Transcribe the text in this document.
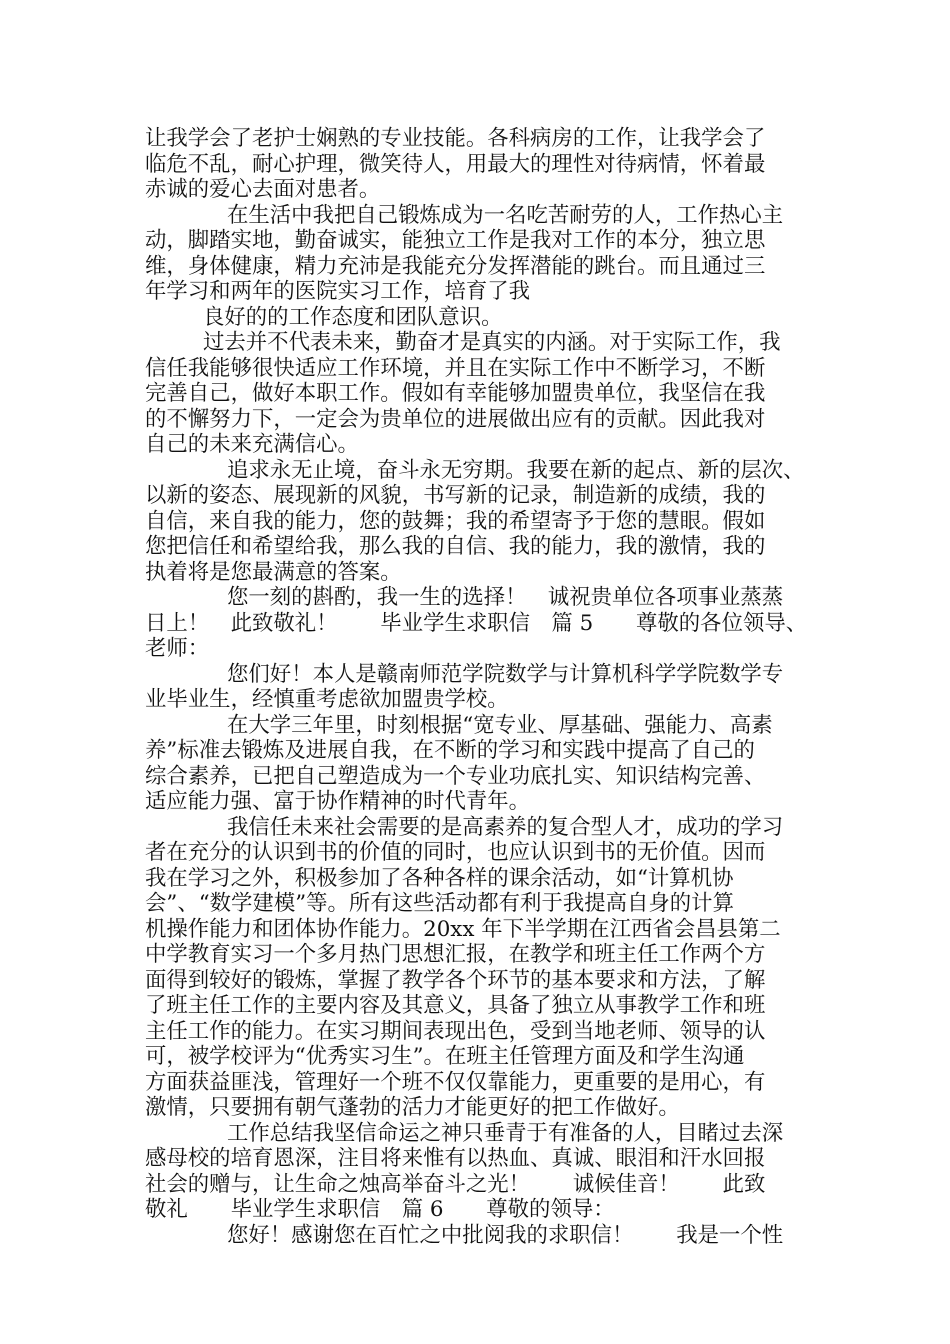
让我学会了老护士娴熟的专业技能。各科病房的工作，让我学会了
临危不乱，耐心护理，微笑待人，用最大的理性对待病情，怀着最
赤诚的爱心去面对患者。
在生活中我把自己锻炼成为一名吃苦耐劳的人，工作热心主
动，脚踏实地，勤奋诚实，能独立工作是我对工作的本分，独立思
维，身体健康，精力充沛是我能充分发挥潜能的跳台。而且通过三
年学习和两年的医院实习工作，培育了我
良好的的工作态度和团队意识。
过去并不代表未来，勤奋才是真实的内涵。对于实际工作，我
信任我能够很快适应工作环境，并且在实际工作中不断学习，不断
完善自己，做好本职工作。假如有幸能够加盟贵单位，我坚信在我
的不懈努力下，一定会为贵单位的进展做出应有的贡献。因此我对
自己的未来充满信心。
追求永无止境，奋斗永无穷期。我要在新的起点、新的层次、
以新的姿态、展现新的风貌，书写新的记录，制造新的成绩，我的
自信，来自我的能力，您的鼓舞；我的希望寄予于您的慧眼。假如
您把信任和希望给我，那么我的自信、我的能力，我的激情，我的
执着将是您最满意的答案。
您一刻的斟酌，我一生的选择！　诚祝贵单位各项事业蒸蒸
日上！　此致敬礼！　　毕业学生求职信　篇 5　　尊敬的各位领导、
老师：
您们好！本人是赣南师范学院数学与计算机科学学院数学专
业毕业生，经慎重考虑欲加盟贵学校。
在大学三年里，时刻根据“宽专业、厚基础、强能力、高素
养”标准去锻炼及进展自我，在不断的学习和实践中提高了自己的
综合素养，已把自己塑造成为一个专业功底扎实、知识结构完善、
适应能力强、富于协作精神的时代青年。
我信任未来社会需要的是高素养的复合型人才，成功的学习
者在充分的认识到书的价值的同时，也应认识到书的无价值。因而
我在学习之外，积极参加了各种各样的课余活动，如“计算机协
会”、“数学建模”等。所有这些活动都有利于我提高自身的计算
机操作能力和团体协作能力。20xx 年下半学期在江西省会昌县第二
中学教育实习一个多月热门思想汇报，在教学和班主任工作两个方
面得到较好的锻炼，掌握了教学各个环节的基本要求和方法，了解
了班主任工作的主要内容及其意义，具备了独立从事教学工作和班
主任工作的能力。在实习期间表现出色，受到当地老师、领导的认
可，被学校评为“优秀实习生”。在班主任管理方面及和学生沟通
方面获益匪浅，管理好一个班不仅仅靠能力，更重要的是用心，有
激情，只要拥有朝气蓬勃的活力才能更好的把工作做好。
工作总结我坚信命运之神只垂青于有准备的人，目睹过去深
感母校的培育恩深，注目将来惟有以热血、真诚、眼泪和汗水回报
社会的赠与，让生命之烛高举奋斗之光！　　诚候佳音！　　此致
敬礼　　毕业学生求职信　篇 6　　尊敬的领导：
您好！感谢您在百忙之中批阅我的求职信！　　我是一个性
